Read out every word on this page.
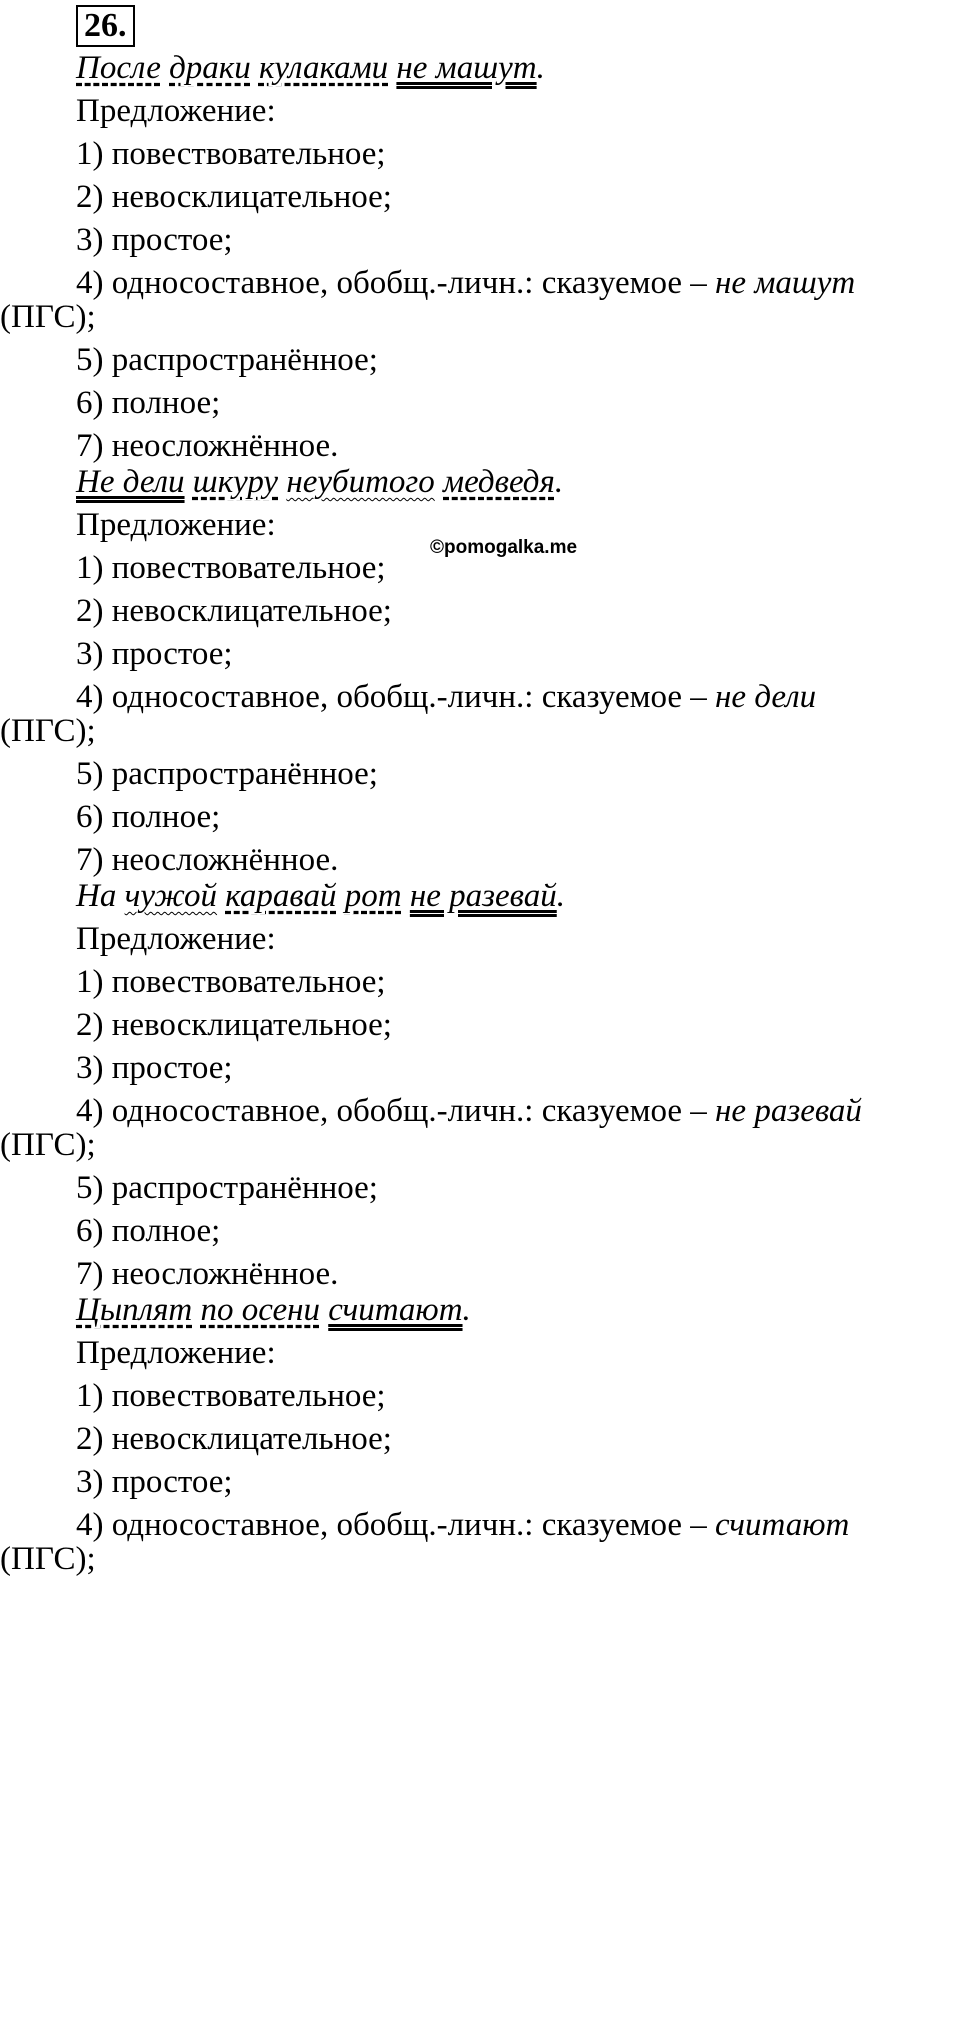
26.
©pomogalka.me
После драки кулаками не машут.
Предложение:
1) повествовательное;
2) невосклицательное;
3) простое;
4) односоставное, обобщ.-личн.: сказуемое – не машут
(ПГС);
5) распространённое;
6) полное;
7) неосложнённое.
Не дели шкуру неубитого медведя.
Предложение:
1) повествовательное;
2) невосклицательное;
3) простое;
4) односоставное, обобщ.-личн.: сказуемое – не дели
(ПГС);
5) распространённое;
6) полное;
7) неосложнённое.
На чужой каравай рот не разевай.
Предложение:
1) повествовательное;
2) невосклицательное;
3) простое;
4) односоставное, обобщ.-личн.: сказуемое – не разевай
(ПГС);
5) распространённое;
6) полное;
7) неосложнённое.
Цыплят по осени считают.
Предложение:
1) повествовательное;
2) невосклицательное;
3) простое;
4) односоставное, обобщ.-личн.: сказуемое – считают
(ПГС);
